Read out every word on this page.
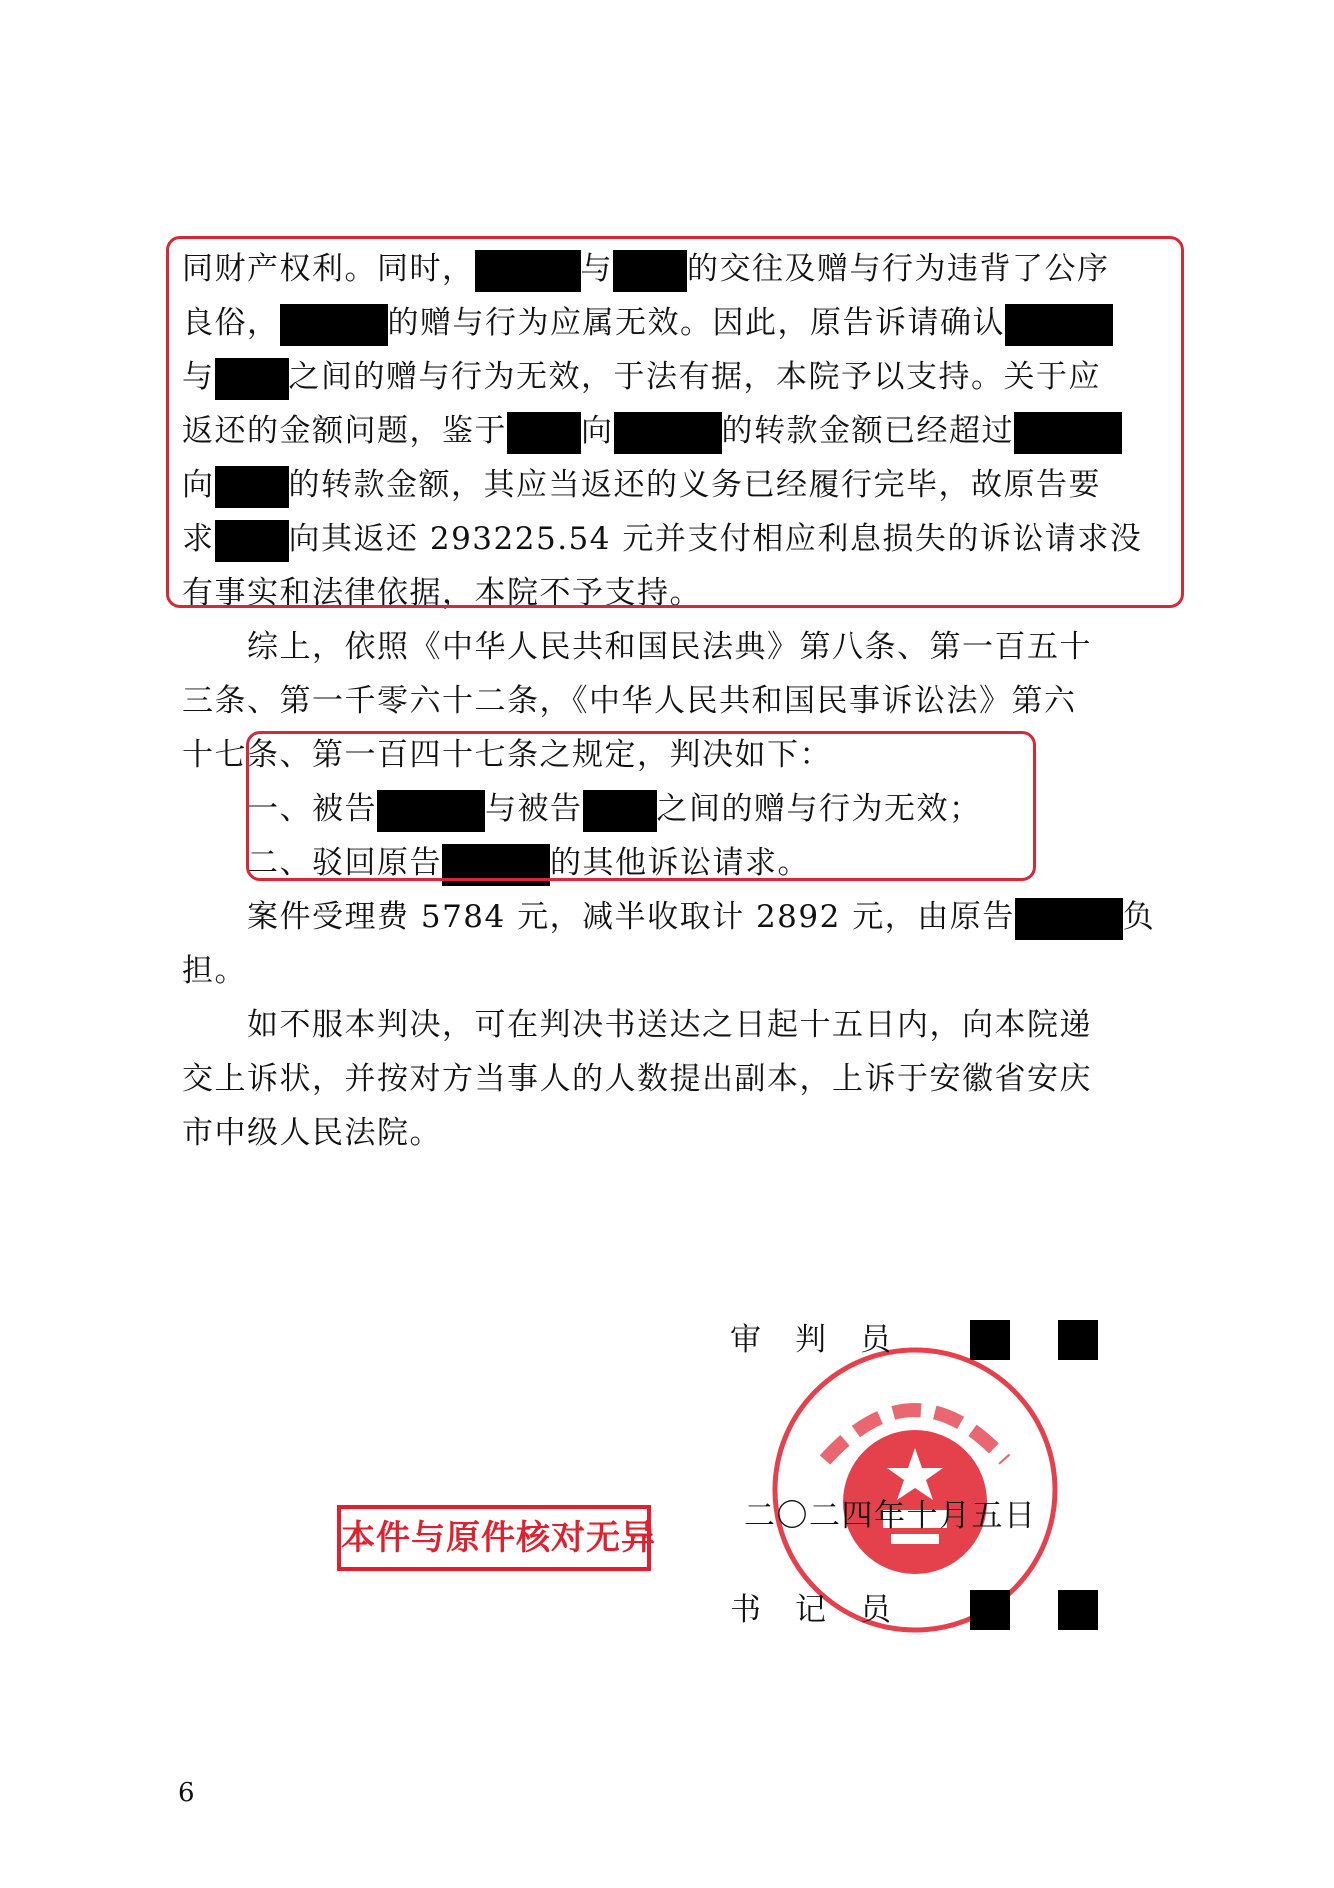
同财产权利。同时，	与 的交往及赠与行为违背了公序
良俗，	的赠与行为应属无效。因此，原告诉请确认
与 之间的赠与行为无效，于法有据，本院予以支持。关于应
返还的金额问题，鉴于 向	的转款金额已经超过
向 的转款金额，其应当返还的义务已经履行完毕，故原告要
求 向其返还 293225.54 元并支付相应利息损失的诉讼请求没
有事实和法律依据，本院不予支持。
　　综上，依照《中华人民共和国民法典》第八条、第一百五十
三条、第一千零六十二条，《中华人民共和国民事诉讼法》第六
十七条、第一百四十七条之规定，判决如下：
　　一、被告	与被告 之间的赠与行为无效；
　　二、驳回原告	的其他诉讼请求。
　　案件受理费 5784 元，减半收取计 2892 元，由原告	负
担。
　　如不服本判决，可在判决书送达之日起十五日内，向本院递
交上诉状，并按对方当事人的人数提出副本，上诉于安徽省安庆
市中级人民法院。
审　判　员
二〇二四年十月五日
书　记　员
本件与原件核对无异
6
